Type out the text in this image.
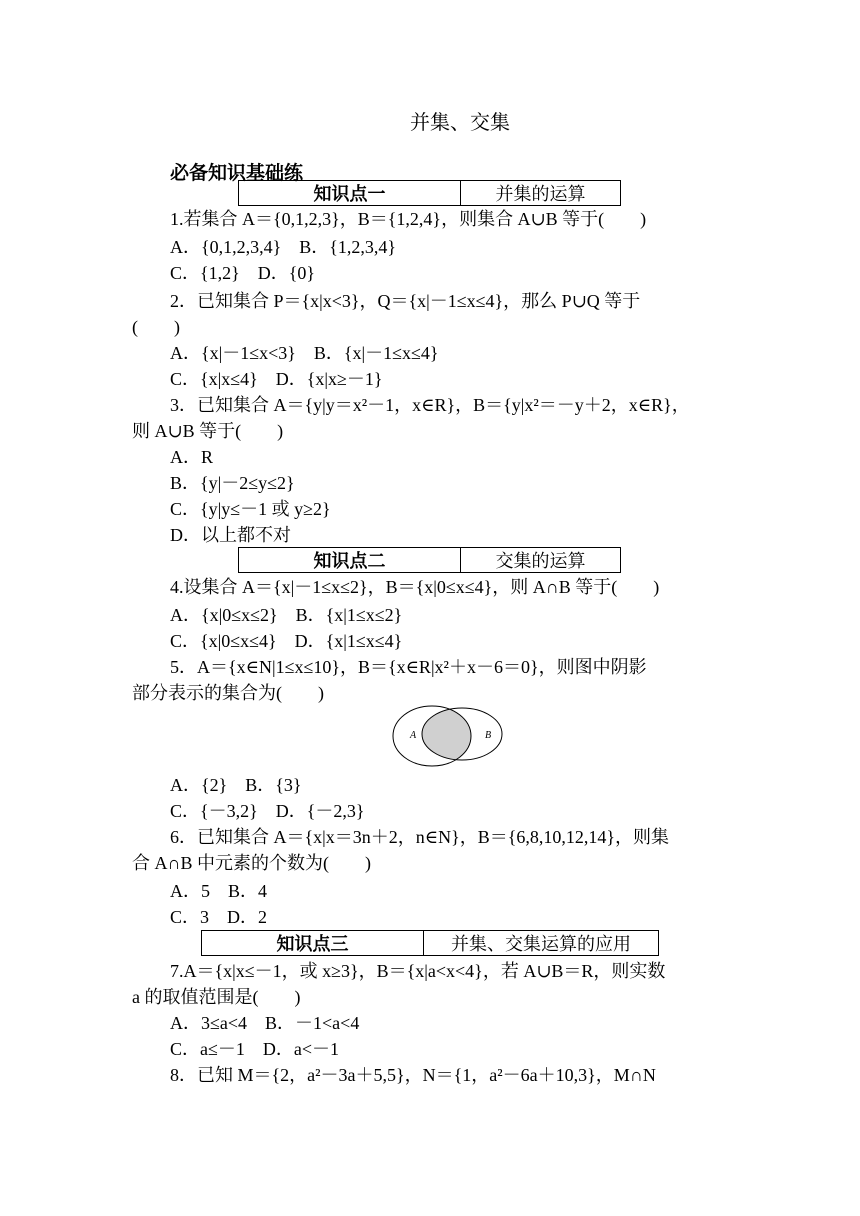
并集、交集
必备知识基础练
知识点一	并集的运算
1.若集合 A＝{0,1,2,3}，B＝{1,2,4}，则集合 A∪B 等于(　　)
A．{0,1,2,3,4}　B．{1,2,3,4}
C．{1,2}　D．{0}
2．已知集合 P＝{x|x<3}，Q＝{x|－1≤x≤4}，那么 P∪Q 等于
(　　)
A．{x|－1≤x<3}　B．{x|－1≤x≤4}
C．{x|x≤4}　D．{x|x≥－1}
3．已知集合 A＝{y|y＝x²－1，x∈R}，B＝{y|x²＝－y＋2，x∈R}，
则 A∪B 等于(　　)
A．R
B．{y|－2≤y≤2}
C．{y|y≤－1 或 y≥2}
D．以上都不对
知识点二	交集的运算
4.设集合 A＝{x|－1≤x≤2}，B＝{x|0≤x≤4}，则 A∩B 等于(　　)
A．{x|0≤x≤2}　B．{x|1≤x≤2}
C．{x|0≤x≤4}　D．{x|1≤x≤4}
5．A＝{x∈N|1≤x≤10}，B＝{x∈R|x²＋x－6＝0}，则图中阴影
部分表示的集合为(　　)
A	B
A．{2}　B．{3}
C．{－3,2}　D．{－2,3}
6．已知集合 A＝{x|x＝3n＋2，n∈N}，B＝{6,8,10,12,14}，则集
合 A∩B 中元素的个数为(　　)
A．5　B．4
C．3　D．2
知识点三	并集、交集运算的应用
7.A＝{x|x≤－1，或 x≥3}，B＝{x|a<x<4}，若 A∪B＝R，则实数
a 的取值范围是(　　)
A．3≤a<4　B．－1<a<4
C．a≤－1　D．a<－1
8．已知 M＝{2，a²－3a＋5,5}，N＝{1，a²－6a＋10,3}，M∩N
